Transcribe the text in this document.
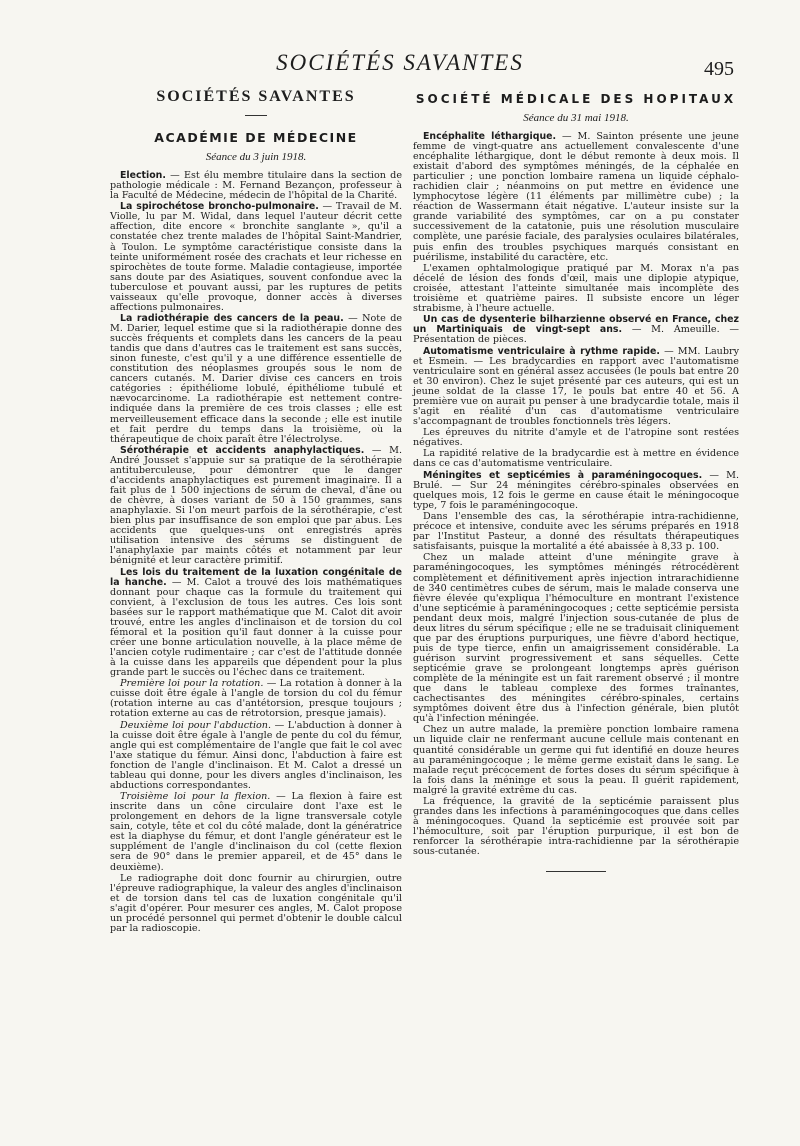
SOCIÉTÉS SAVANTES	495
SOCIÉTÉS SAVANTES
ACADÉMIE DE MÉDECINE
Séance du 3 juin 1918.

Election. — Est élu membre titulaire dans la section de pathologie médicale : M. Fernand Bezançon, professeur à la Faculté de Médecine, médecin de l'hôpital de la Charité.

La spirochétose broncho-pulmonaire. — Travail de M. Violle, lu par M. Widal, dans lequel l'auteur décrit cette affection, dite encore « bronchite sanglante », qu'il a constatée chez trente malades de l'hôpital Saint-Mandrier, à Toulon. Le symptôme caractéristique consiste dans la teinte uniformément rosée des crachats et leur richesse en spirochètes de toute forme. Maladie contagieuse, importée sans doute par des Asiatiques, souvent confondue avec la tuberculose et pouvant aussi, par les ruptures de petits vaisseaux qu'elle provoque, donner accès à diverses affections pulmonaires.

La radiothérapie des cancers de la peau. — Note de M. Darier, lequel estime que si la radiothérapie donne des succès fréquents et complets dans les cancers de la peau tandis que dans d'autres cas le traitement est sans succès, sinon funeste, c'est qu'il y a une différence essentielle de constitution des néoplasmes groupés sous le nom de cancers cutanés. M. Darier divise ces cancers en trois catégories : épithéliome lobulé, épithéliome tubulé et nævocarcinome. La radiothérapie est nettement contre-indiquée dans la première de ces trois classes ; elle est merveilleusement efficace dans la seconde ; elle est inutile et fait perdre du temps dans la troisième, où la thérapeutique de choix paraît être l'électrolyse.

Sérothérapie et accidents anaphylactiques. — M. André Jousset s'appuie sur sa pratique de la sérothérapie antituberculeuse, pour démontrer que le danger d'accidents anaphylactiques est purement imaginaire. Il a fait plus de 1 500 injections de sérum de cheval, d'âne ou de chèvre, à doses variant de 50 à 150 grammes, sans anaphylaxie. Si l'on meurt parfois de la sérothérapie, c'est bien plus par insuffisance de son emploi que par abus. Les accidents que quelques-uns ont enregistrés après utilisation intensive des sérums se distinguent de l'anaphylaxie par maints côtés et notamment par leur bénignité et leur caractère primitif.

Les lois du traitement de la luxation congénitale de la hanche. — M. Calot a trouvé des lois mathématiques donnant pour chaque cas la formule du traitement qui convient, à l'exclusion de tous les autres. Ces lois sont basées sur le rapport mathématique que M. Calot dit avoir trouvé, entre les angles d'inclinaison et de torsion du col fémoral et la position qu'il faut donner à la cuisse pour créer une bonne articulation nouvelle, à la place même de l'ancien cotyle rudimentaire ; car c'est de l'attitude donnée à la cuisse dans les appareils que dépendent pour la plus grande part le succès ou l'échec dans ce traitement.

Première loi pour la rotation. — La rotation à donner à la cuisse doit être égale à l'angle de torsion du col du fémur (rotation interne au cas d'antétorsion, presque toujours ; rotation externe au cas de rétrotorsion, presque jamais).

Deuxième loi pour l'abduction. — L'abduction à donner à la cuisse doit être égale à l'angle de pente du col du fémur, angle qui est complémentaire de l'angle que fait le col avec l'axe statique du fémur. Ainsi donc, l'abduction à faire est fonction de l'angle d'inclinaison. Et M. Calot a dressé un tableau qui donne, pour les divers angles d'inclinaison, les abductions correspondantes.

Troisième loi pour la flexion. — La flexion à faire est inscrite dans un cône circulaire dont l'axe est le prolongement en dehors de la ligne transversale cotyle sain, cotyle, tête et col du côté malade, dont la génératrice est la diaphyse du fémur, et dont l'angle générateur est le supplément de l'angle d'inclinaison du col (cette flexion sera de 90° dans le premier appareil, et de 45° dans le deuxième).

Le radiographe doit donc fournir au chirurgien, outre l'épreuve radiographique, la valeur des angles d'inclinaison et de torsion dans tel cas de luxation congénitale qu'il s'agit d'opérer. Pour mesurer ces angles, M. Calot propose un procédé personnel qui permet d'obtenir le double calcul par la radioscopie.

SOCIÉTÉ MÉDICALE DES HOPITAUX
Séance du 31 mai 1918.

Encéphalite léthargique. — M. Sainton présente une jeune femme de vingt-quatre ans actuellement convalescente d'une encéphalite léthargique, dont le début remonte à deux mois. Il existait d'abord des symptômes méningés, de la céphalée en particulier ; une ponction lombaire ramena un liquide céphalo-rachidien clair ; néanmoins on put mettre en évidence une lymphocytose légère (11 éléments par millimètre cube) ; la réaction de Wassermann était négative. L'auteur insiste sur la grande variabilité des symptômes, car on a pu constater successivement de la catatonie, puis une résolution musculaire complète, une parésie faciale, des paralysies oculaires bilatérales, puis enfin des troubles psychiques marqués consistant en puérilisme, instabilité du caractère, etc.

L'examen ophtalmologique pratiqué par M. Morax n'a pas décelé de lésion des fonds d'œil, mais une diplopie atypique, croisée, attestant l'atteinte simultanée mais incomplète des troisième et quatrième paires. Il subsiste encore un léger strabisme, à l'heure actuelle.

Un cas de dysenterie bilharzienne observé en France, chez un Martiniquais de vingt-sept ans. — M. Ameuille. — Présentation de pièces.

Automatisme ventriculaire à rythme rapide. — MM. Laubry et Esmein. — Les bradycardies en rapport avec l'automatisme ventriculaire sont en général assez accusées (le pouls bat entre 20 et 30 environ). Chez le sujet présenté par ces auteurs, qui est un jeune soldat de la classe 17, le pouls bat entre 40 et 56. A première vue on aurait pu penser à une bradycardie totale, mais il s'agit en réalité d'un cas d'automatisme ventriculaire s'accompagnant de troubles fonctionnels très légers.

Les épreuves du nitrite d'amyle et de l'atropine sont restées négatives.

La rapidité relative de la bradycardie est à mettre en évidence dans ce cas d'automatisme ventriculaire.

Méningites et septicémies à paraméningocoques. — M. Brulé. — Sur 24 méningites cérébro-spinales observées en quelques mois, 12 fois le germe en cause était le méningocoque type, 7 fois le paraméningocoque.

Dans l'ensemble des cas, la sérothérapie intra-rachidienne, précoce et intensive, conduite avec les sérums préparés en 1918 par l'Institut Pasteur, a donné des résultats thérapeutiques satisfaisants, puisque la mortalité a été abaissée à 8,33 p. 100.

Chez un malade atteint d'une méningite grave à paraméningocoques, les symptômes méningés rétrocédèrent complètement et définitivement après injection intrarachidienne de 340 centimètres cubes de sérum, mais le malade conserva une fièvre élevée qu'expliqua l'hémoculture en montrant l'existence d'une septicémie à paraméningocoques ; cette septicémie persista pendant deux mois, malgré l'injection sous-cutanée de plus de deux litres du sérum spécifique ; elle ne se traduisait cliniquement que par des éruptions purpuriques, une fièvre d'abord hectique, puis de type tierce, enfin un amaigrissement considérable. La guérison survint progressivement et sans séquelles. Cette septicémie grave se prolongeant longtemps après guérison complète de la méningite est un fait rarement observé ; il montre que dans le tableau complexe des formes traînantes, cachectisantes des méningites cérébro-spinales, certains symptômes doivent être dus à l'infection générale, bien plutôt qu'à l'infection méningée.

Chez un autre malade, la première ponction lombaire ramena un liquide clair ne renfermant aucune cellule mais contenant en quantité considérable un germe qui fut identifié en douze heures au paraméningocoque ; le même germe existait dans le sang. Le malade reçut précocement de fortes doses du sérum spécifique à la fois dans la méninge et sous la peau. Il guérit rapidement, malgré la gravité extrême du cas.

La fréquence, la gravité de la septicémie paraissent plus grandes dans les infections à paraméningocoques que dans celles à méningocoques. Quand la septicémie est prouvée soit par l'hémoculture, soit par l'éruption purpurique, il est bon de renforcer la sérothérapie intra-rachidienne par la sérothérapie sous-cutanée.
